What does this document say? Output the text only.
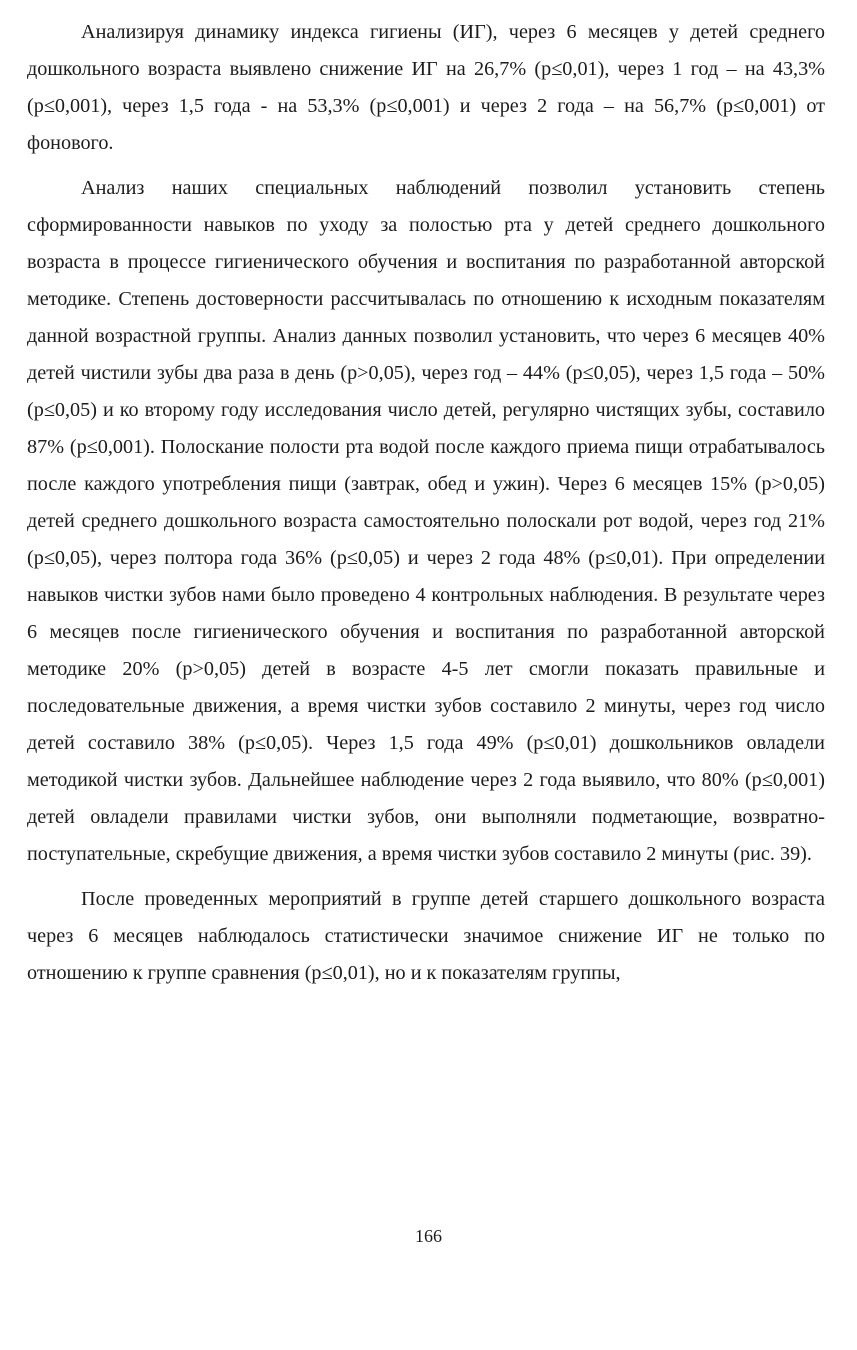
Анализируя динамику индекса гигиены (ИГ), через 6 месяцев у детей среднего дошкольного возраста выявлено снижение ИГ на 26,7% (p≤0,01), через 1 год – на 43,3% (p≤0,001), через 1,5 года - на 53,3% (p≤0,001) и через 2 года – на 56,7% (p≤0,001) от фонового.

Анализ наших специальных наблюдений позволил установить степень сформированности навыков по уходу за полостью рта у детей среднего дошкольного возраста в процессе гигиенического обучения и воспитания по разработанной авторской методике. Степень достоверности рассчитывалась по отношению к исходным показателям данной возрастной группы. Анализ данных позволил установить, что через 6 месяцев 40% детей чистили зубы два раза в день (p>0,05), через год – 44% (p≤0,05), через 1,5 года – 50% (p≤0,05) и ко второму году исследования число детей, регулярно чистящих зубы, составило 87% (p≤0,001). Полоскание полости рта водой после каждого приема пищи отрабатывалось после каждого употребления пищи (завтрак, обед и ужин). Через 6 месяцев 15% (p>0,05) детей среднего дошкольного возраста самостоятельно полоскали рот водой, через год 21% (p≤0,05), через полтора года 36% (p≤0,05) и через 2 года 48% (p≤0,01). При определении навыков чистки зубов нами было проведено 4 контрольных наблюдения. В результате через 6 месяцев после гигиенического обучения и воспитания по разработанной авторской методике 20% (p>0,05) детей в возрасте 4-5 лет смогли показать правильные и последовательные движения, а время чистки зубов составило 2 минуты, через год число детей составило 38% (p≤0,05). Через 1,5 года 49% (p≤0,01) дошкольников овладели методикой чистки зубов. Дальнейшее наблюдение через 2 года выявило, что 80% (p≤0,001) детей овладели правилами чистки зубов, они выполняли подметающие, возвратно-поступательные, скребущие движения, а время чистки зубов составило 2 минуты (рис. 39).

После проведенных мероприятий в группе детей старшего дошкольного возраста через 6 месяцев наблюдалось статистически значимое снижение ИГ не только по отношению к группе сравнения (p≤0,01), но и к показателям группы,

166
